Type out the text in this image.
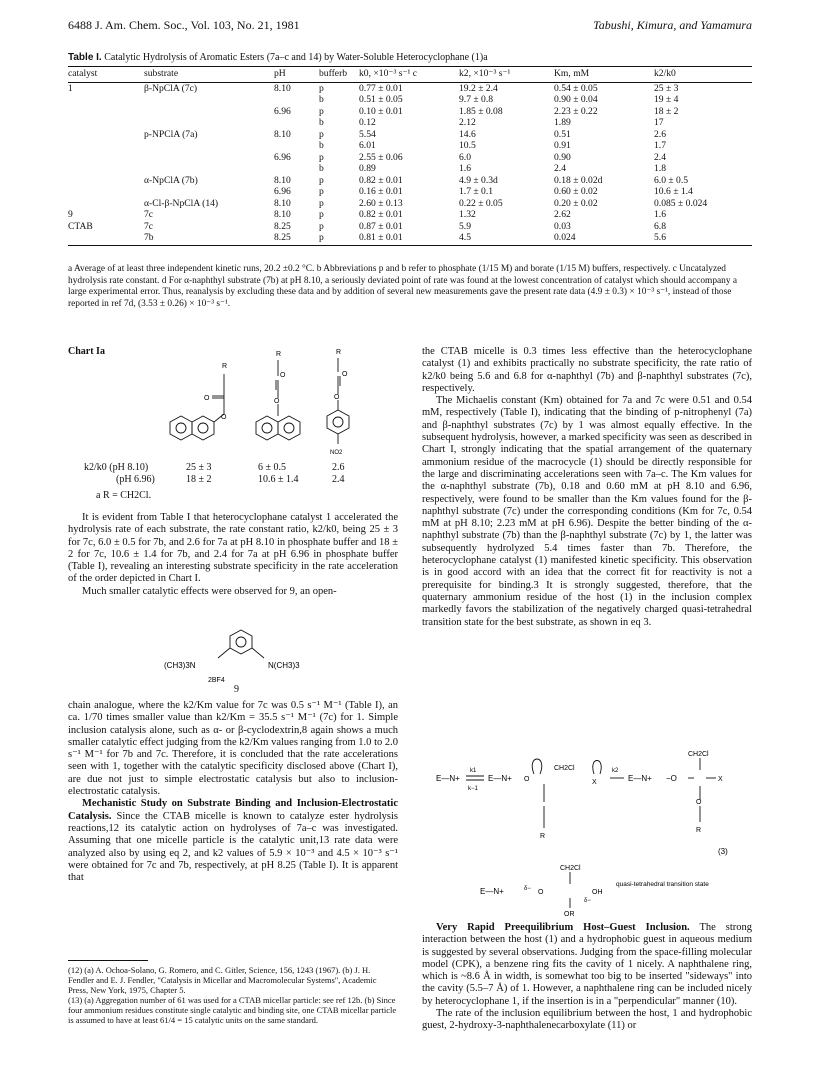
6488 J. Am. Chem. Soc., Vol. 103, No. 21, 1981	Tabushi, Kimura, and Yamamura
Table I. Catalytic Hydrolysis of Aromatic Esters (7a–c and 14) by Water-Soluble Heterocyclophane (1)a
catalyst	substrate	pH	bufferb	k0, ×10⁻³ s⁻¹ c	k2, ×10⁻³ s⁻¹	Km, mM	k2/k0
1	β-NpClA (7c)	8.10	p	0.77 ± 0.01	19.2 ± 2.4	0.54 ± 0.05	25 ± 3
			b	0.51 ± 0.05	9.7 ± 0.8	0.90 ± 0.04	19 ± 4
		6.96	p	0.10 ± 0.01	1.85 ± 0.08	2.23 ± 0.22	18 ± 2
			b	0.12	2.12	1.89	17
	p-NPClA (7a)	8.10	p	5.54	14.6	0.51	2.6
			b	6.01	10.5	0.91	1.7
		6.96	p	2.55 ± 0.06	6.0	0.90	2.4
			b	0.89	1.6	2.4	1.8
	α-NpClA (7b)	8.10	p	0.82 ± 0.01	4.9 ± 0.3d	0.18 ± 0.02d	6.0 ± 0.5
		6.96	p	0.16 ± 0.01	1.7 ± 0.1	0.60 ± 0.02	10.6 ± 1.4
	α-Cl-β-NpClA (14)	8.10	p	2.60 ± 0.13	0.22 ± 0.05	0.20 ± 0.02	0.085 ± 0.024
9	7c	8.10	p	0.82 ± 0.01	1.32	2.62	1.6
CTAB	7c	8.25	p	0.87 ± 0.01	5.9	0.03	6.8
	7b	8.25	p	0.81 ± 0.01	4.5	0.024	5.6
a Average of at least three independent kinetic runs, 20.2 ±0.2 °C. b Abbreviations p and b refer to phosphate (1/15 M) and borate (1/15 M) buffers, respectively. c Uncatalyzed hydrolysis rate constant. d For α-naphthyl substrate (7b) at pH 8.10, a seriously deviated point of rate was found at the lowest concentration of catalyst which should accompany a large experimental error. Thus, reanalysis by excluding these data and by addition of several new measurements gave the present rate data (4.9 ± 0.3) × 10⁻³ s⁻¹, instead of those reported in ref 7d, (3.53 ± 0.26) × 10⁻³ s⁻¹.
Chart Ia
R
O
O
R
O
O
R
O
O
NO2
k2/k0 (pH 8.10)
(pH 6.96)
25 ± 3	6 ± 0.5	2.6
18 ± 2	10.6 ± 1.4	2.4
a R = CH2Cl.

It is evident from Table I that heterocyclophane catalyst 1 accelerated the hydrolysis rate of each substrate, the rate constant ratio, k2/k0, being 25 ± 3 for 7c, 6.0 ± 0.5 for 7b, and 2.6 for 7a at pH 8.10 in phosphate buffer and 18 ± 2 for 7c, 10.6 ± 1.4 for 7b, and 2.4 for 7a at pH 6.96 in phosphate buffer (Table I), revealing an interesting substrate specificity in the rate acceleration of the order depicted in Chart I.

Much smaller catalytic effects were observed for 9, an open-

(CH3)3N	N(CH3)3
2BF4
9

chain analogue, where the k2/Km value for 7c was 0.5 s⁻¹ M⁻¹ (Table I), an ca. 1/70 times smaller value than k2/Km = 35.5 s⁻¹ M⁻¹ (7c) for 1. Simple inclusion catalysis alone, such as α- or β-cyclodextrin,8 again shows a much smaller catalytic effect judging from the k2/Km values ranging from 1.0 to 2.0 s⁻¹ M⁻¹ for 7b and 7c. Therefore, it is concluded that the rate accelerations seen with 1, together with the catalytic specificity disclosed above (Chart I), are due not just to simple electrostatic catalysis but also to inclusion-electrostatic catalysis.

Mechanistic Study on Substrate Binding and Inclusion-Electrostatic Catalysis. Since the CTAB micelle is known to catalyze ester hydrolysis reactions,12 its catalytic action on hydrolyses of 7a–c was investigated. Assuming that one micelle particle is the catalytic unit,13 rate data were analyzed also by using eq 2, and k2 values of 5.9 × 10⁻³ and 4.5 × 10⁻³ s⁻¹ were obtained for 7c and 7b, respectively, at pH 8.25 (Table I). It is apparent that

(12) (a) A. Ochoa-Solano, G. Romero, and C. Gitler, Science, 156, 1243 (1967). (b) J. H. Fendler and E. J. Fendler, "Catalysis in Micellar and Macromolecular Systems", Academic Press, New York, 1975, Chapter 5.
(13) (a) Aggregation number of 61 was used for a CTAB micellar particle: see ref 12b. (b) Since four ammonium residues constitute single catalytic and binding site, one CTAB micellar particle is assumed to have at least 61/4 = 15 catalytic units on the same standard.

the CTAB micelle is 0.3 times less effective than the heterocyclophane catalyst (1) and exhibits practically no substrate specificity, the rate ratio of k2/k0 being 5.6 and 6.8 for α-naphthyl (7b) and β-naphthyl substrates (7c), respectively.

The Michaelis constant (Km) obtained for 7a and 7c were 0.51 and 0.54 mM, respectively (Table I), indicating that the binding of p-nitrophenyl (7a) and β-naphthyl substrates (7c) by 1 was almost equally effective. In the subsequent hydrolysis, however, a marked specificity was seen as described in Chart I, strongly indicating that the spatial arrangement of the quaternary ammonium residue of the macrocycle (1) should be directly responsible for the large and discriminating accelerations seen with 7a–c. The Km values for the α-naphthyl substrate (7b), 0.18 and 0.60 mM at pH 8.10 and 6.96, respectively, were found to be smaller than the Km values found for the β-naphthyl substrate (7c) under the corresponding conditions (Km for 7c, 0.54 mM at pH 8.10; 2.23 mM at pH 6.96). Despite the better binding of the α-naphthyl substrate (7b) than the β-naphthyl substrate (7c) by 1, the latter was subsequently hydrolyzed 5.4 times faster than 7b. Therefore, the heterocyclophane catalyst (1) manifested kinetic specificity. This observation is in good accord with an idea that the correct fit for reactivity is not a prerequisite for binding.3 It is strongly suggested, therefore, that the quaternary ammonium residue of the host (1) in the inclusion complex markedly favors the stabilization of the negatively charged quasi-tetrahedral transition state for the best substrate, as shown in eq 3.

E—N+
k1
k−1
E—N+ O
CH2Cl
X
R
k2
E—N+ −O
CH2Cl
X
O
R
(3)
CH2Cl
E—N+	δ− O	OH
δ−
OR
quasi-tetrahedral transition state

Very Rapid Preequilibrium Host–Guest Inclusion. The strong interaction between the host (1) and a hydrophobic guest in aqueous medium is suggested by several observations. Judging from the space-filling molecular model (CPK), a benzene ring fits the cavity of 1 nicely. A naphthalene ring, which is ~8.6 Å in width, is somewhat too big to be inserted "sideways" into the cavity (5.5–7 Å) of 1. However, a naphthalene ring can be included nicely by heterocyclophane 1, if the insertion is in a "perpendicular" manner (10).

The rate of the inclusion equilibrium between the host, 1 and hydrophobic guest, 2-hydroxy-3-naphthalenecarboxylate (11) or
